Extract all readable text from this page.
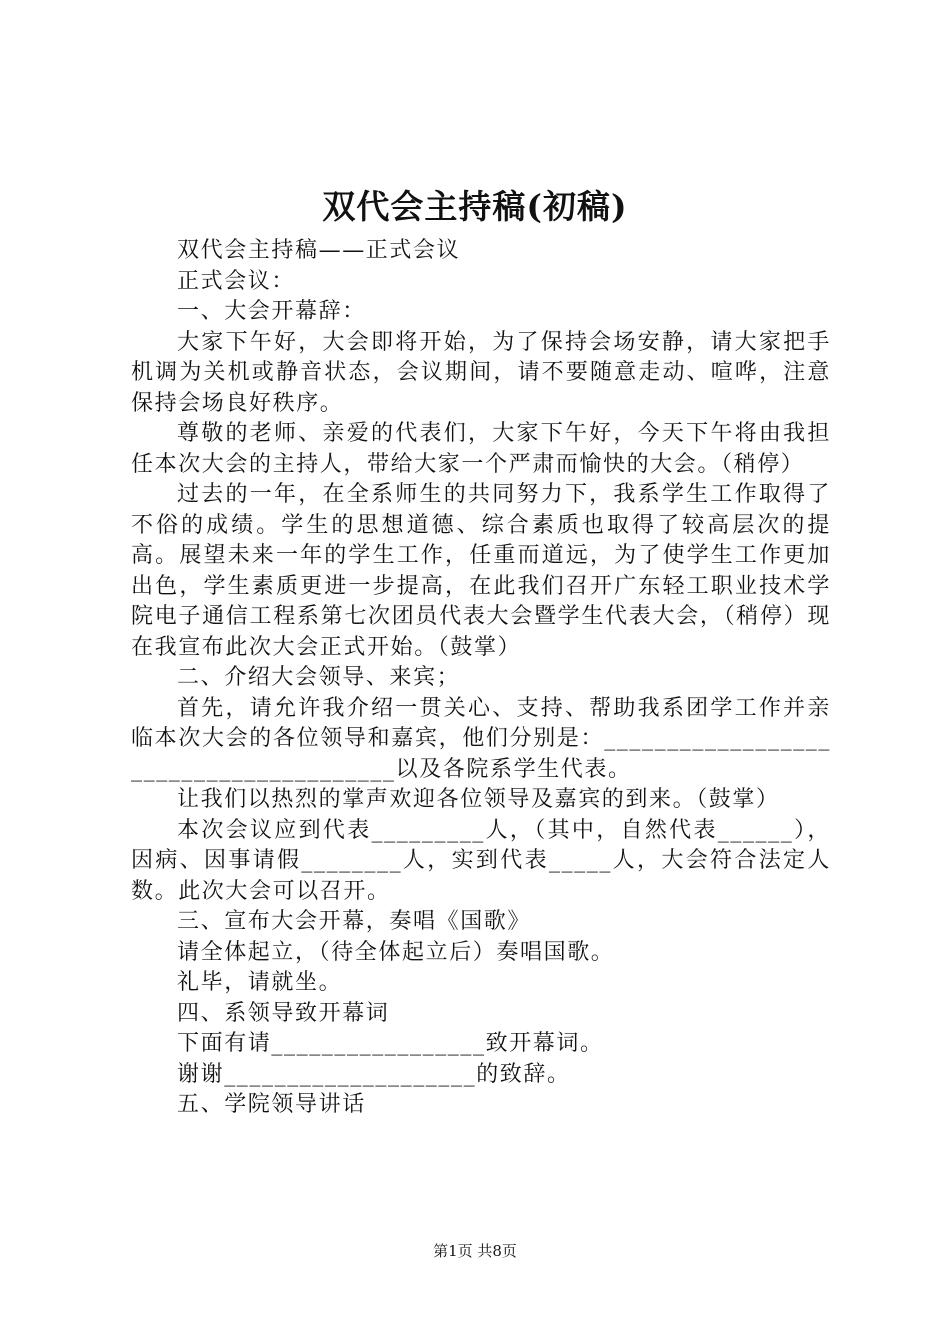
双代会主持稿(初稿)

双代会主持稿——正式会议

正式会议：

一、大会开幕辞：

大家下午好，大会即将开始，为了保持会场安静，请大家把手机调为关机或静音状态，会议期间，请不要随意走动、喧哗，注意保持会场良好秩序。

尊敬的老师、亲爱的代表们，大家下午好，今天下午将由我担任本次大会的主持人，带给大家一个严肃而愉快的大会。（稍停）

过去的一年，在全系师生的共同努力下，我系学生工作取得了不俗的成绩。学生的思想道德、综合素质也取得了较高层次的提高。展望未来一年的学生工作，任重而道远，为了使学生工作更加出色，学生素质更进一步提高，在此我们召开广东轻工职业技术学院电子通信工程系第七次团员代表大会暨学生代表大会，（稍停）现在我宣布此次大会正式开始。（鼓掌）

二、介绍大会领导、来宾；

首先，请允许我介绍一贯关心、支持、帮助我系团学工作并亲临本次大会的各位领导和嘉宾，他们分别是：_______________________________________以及各院系学生代表。

让我们以热烈的掌声欢迎各位领导及嘉宾的到来。（鼓掌）

本次会议应到代表_________人，（其中，自然代表______），因病、因事请假________人，实到代表_____人，大会符合法定人数。此次大会可以召开。

三、宣布大会开幕，奏唱《国歌》

请全体起立，（待全体起立后）奏唱国歌。

礼毕，请就坐。

四、系领导致开幕词

下面有请_________________致开幕词。

谢谢____________________的致辞。

五、学院领导讲话

第1页 共8页
